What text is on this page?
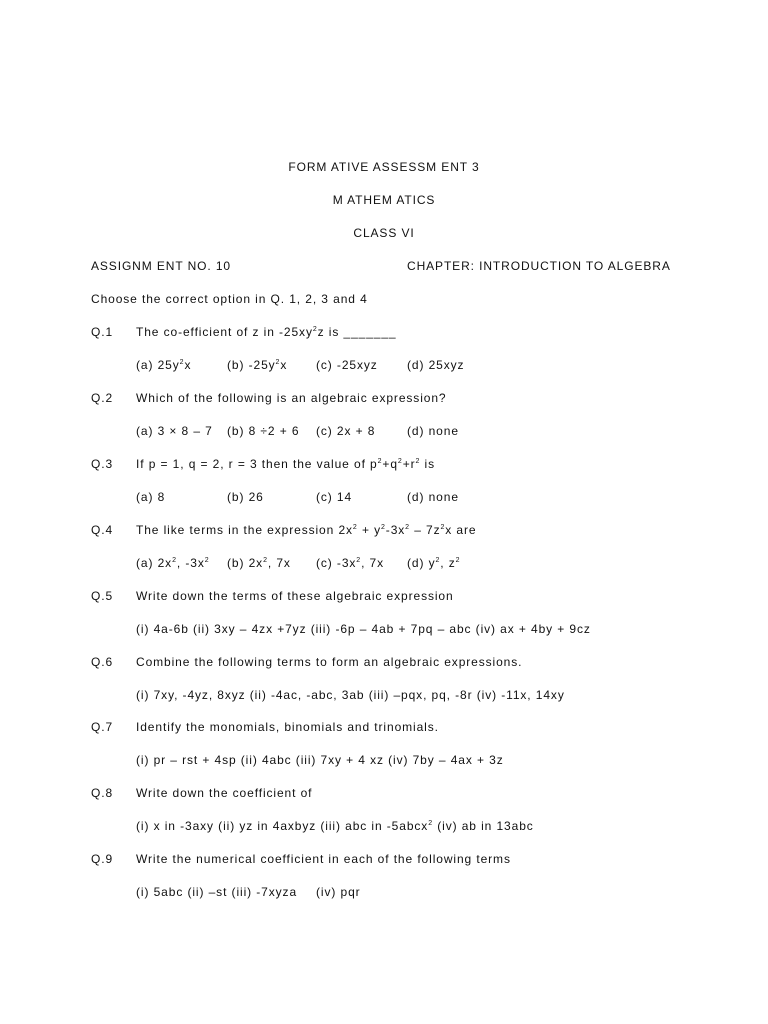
FORM ATIVE ASSESSM ENT 3
M ATHEM ATICS
CLASS VI
ASSIGNM ENT NO. 10	CHAPTER: INTRODUCTION TO ALGEBRA
Choose the correct option in Q. 1, 2, 3 and 4
Q.1 The co-efficient of z in $-25xy^2z$ is _______
(a) $25y^2x$	(b) $-25y^2x$ (c) -25xyz (d) 25xyz
Q.2 Which of the following is an algebraic expression?
(a) 3 × 8 – 7 (b) 8 ÷2 + 6 (c) 2x + 8	(d) none
Q.3 If p = 1, q = 2, r = 3 then the value of $p^2+q^2+r^2$ is
(a) 8	(b) 26	(c) 14	(d) none
Q.4 The like terms in the expression $2x^2 + y^2-3x^2 - 7z^2x$ are
(a) $2x^2$, $-3x^2$ (b) $2x^2$, 7x (c) $-3x^2$, 7x (d) $y^2$, $z^2$
Q.5 Write down the terms of these algebraic expression
(i) 4a-6b (ii) 3xy – 4zx +7yz (iii) -6p – 4ab + 7pq – abc (iv) ax + 4by + 9cz
Q.6 Combine the following terms to form an algebraic expressions.
(i) 7xy, -4yz, 8xyz (ii) -4ac, -abc, 3ab (iii) –pqx, pq, -8r (iv) -11x, 14xy
Q.7 Identify the monomials, binomials and trinomials.
(i) pr – rst + 4sp (ii) 4abc (iii) 7xy + 4 xz (iv) 7by – 4ax + 3z
Q.8 Write down the coefficient of
(i) x in -3axy (ii) yz in 4axbyz (iii) abc in -5abcx$^2$ (iv) ab in 13abc
Q.9 Write the numerical coefficient in each of the following terms
(i) 5abc (ii) –st (iii) -7xyza (iv) pqr
